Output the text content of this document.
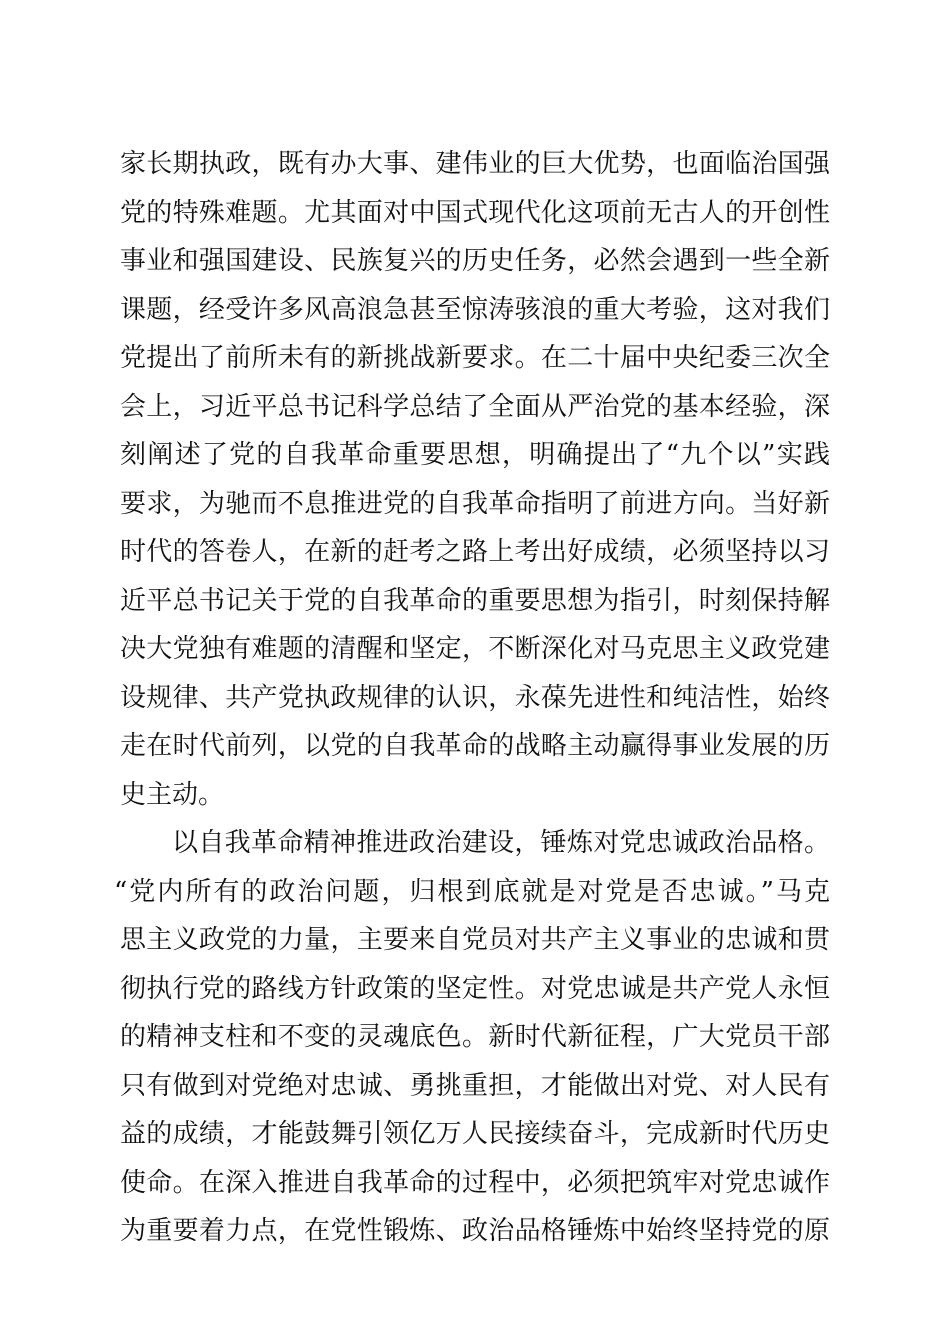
家长期执政，既有办大事、建伟业的巨大优势，也面临治国强
党的特殊难题。尤其面对中国式现代化这项前无古人的开创性
事业和强国建设、民族复兴的历史任务，必然会遇到一些全新
课题，经受许多风高浪急甚至惊涛骇浪的重大考验，这对我们
党提出了前所未有的新挑战新要求。在二十届中央纪委三次全
会上，习近平总书记科学总结了全面从严治党的基本经验，深
刻阐述了党的自我革命重要思想，明确提出了“九个以”实践
要求，为驰而不息推进党的自我革命指明了前进方向。当好新
时代的答卷人，在新的赶考之路上考出好成绩，必须坚持以习
近平总书记关于党的自我革命的重要思想为指引，时刻保持解
决大党独有难题的清醒和坚定，不断深化对马克思主义政党建
设规律、共产党执政规律的认识，永葆先进性和纯洁性，始终
走在时代前列，以党的自我革命的战略主动赢得事业发展的历
史主动。
以自我革命精神推进政治建设，锤炼对党忠诚政治品格。
“党内所有的政治问题，归根到底就是对党是否忠诚。”马克
思主义政党的力量，主要来自党员对共产主义事业的忠诚和贯
彻执行党的路线方针政策的坚定性。对党忠诚是共产党人永恒
的精神支柱和不变的灵魂底色。新时代新征程，广大党员干部
只有做到对党绝对忠诚、勇挑重担，才能做出对党、对人民有
益的成绩，才能鼓舞引领亿万人民接续奋斗，完成新时代历史
使命。在深入推进自我革命的过程中，必须把筑牢对党忠诚作
为重要着力点，在党性锻炼、政治品格锤炼中始终坚持党的原
